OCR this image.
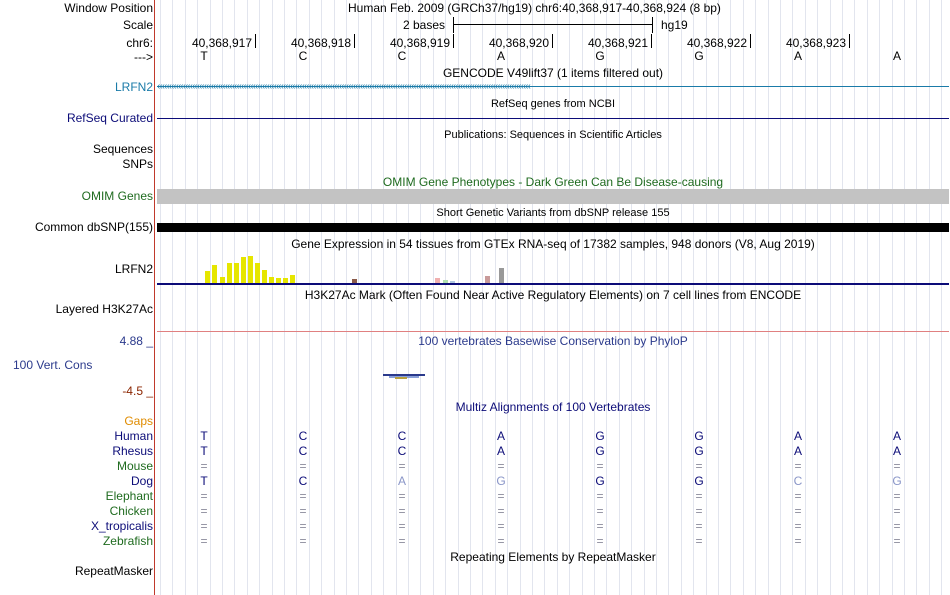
Window Position	Human Feb. 2009 (GRCh37/hg19) chr6:40,368,917-40,368,924 (8 bp)
Scale	2 bases	hg19
chr6:	40,368,917	40,368,918	40,368,919	40,368,920	40,368,921	40,368,922	40,368,923
--->	T	C	C	A	G	G	A	A
GENCODE V49lift37 (1 items filtered out)
LRFN2 ‹‹‹‹‹‹‹‹‹‹‹‹‹‹‹‹‹‹‹‹‹‹‹‹‹‹‹‹‹‹‹‹‹‹‹‹‹‹‹‹‹‹‹‹‹‹‹‹‹‹‹‹‹‹‹‹‹‹‹‹‹‹‹‹‹‹‹‹‹‹‹‹‹‹‹‹‹‹‹‹‹‹‹‹‹‹‹‹‹‹‹‹‹‹‹‹‹‹‹‹‹‹‹‹‹‹‹‹‹‹‹‹‹‹‹‹‹‹‹‹‹‹‹‹‹‹‹‹‹‹‹‹‹‹‹‹‹‹‹‹‹‹‹‹‹‹‹‹‹‹‹‹‹‹‹‹‹‹‹‹
RefSeq genes from NCBI
RefSeq Curated
Publications: Sequences in Scientific Articles
Sequences
SNPs
OMIM Gene Phenotypes - Dark Green Can Be Disease-causing
OMIM Genes
Short Genetic Variants from dbSNP release 155
Common dbSNP(155)
Gene Expression in 54 tissues from GTEx RNA-seq of 17382 samples, 948 donors (V8, Aug 2019)
LRFN2
H3K27Ac Mark (Often Found Near Active Regulatory Elements) on 7 cell lines from ENCODE
Layered H3K27Ac
100 vertebrates Basewise Conservation by PhyloP
4.88 _
100 Vert. Cons
-4.5 _
Multiz Alignments of 100 Vertebrates
Gaps
Human	T	C	C	A	G	G	A	A
Rhesus	T	C	C	A	G	G	A	A
Mouse	=	=	=	=	=	=	=	=
Dog	T	C	A	G	G	G	C	G
Elephant	=	=	=	=	=	=	=	=
Chicken	=	=	=	=	=	=	=	=
X_tropicalis	=	=	=	=	=	=	=	=
Zebrafish	=	=	=	=	=	=	=	=
Repeating Elements by RepeatMasker
RepeatMasker
